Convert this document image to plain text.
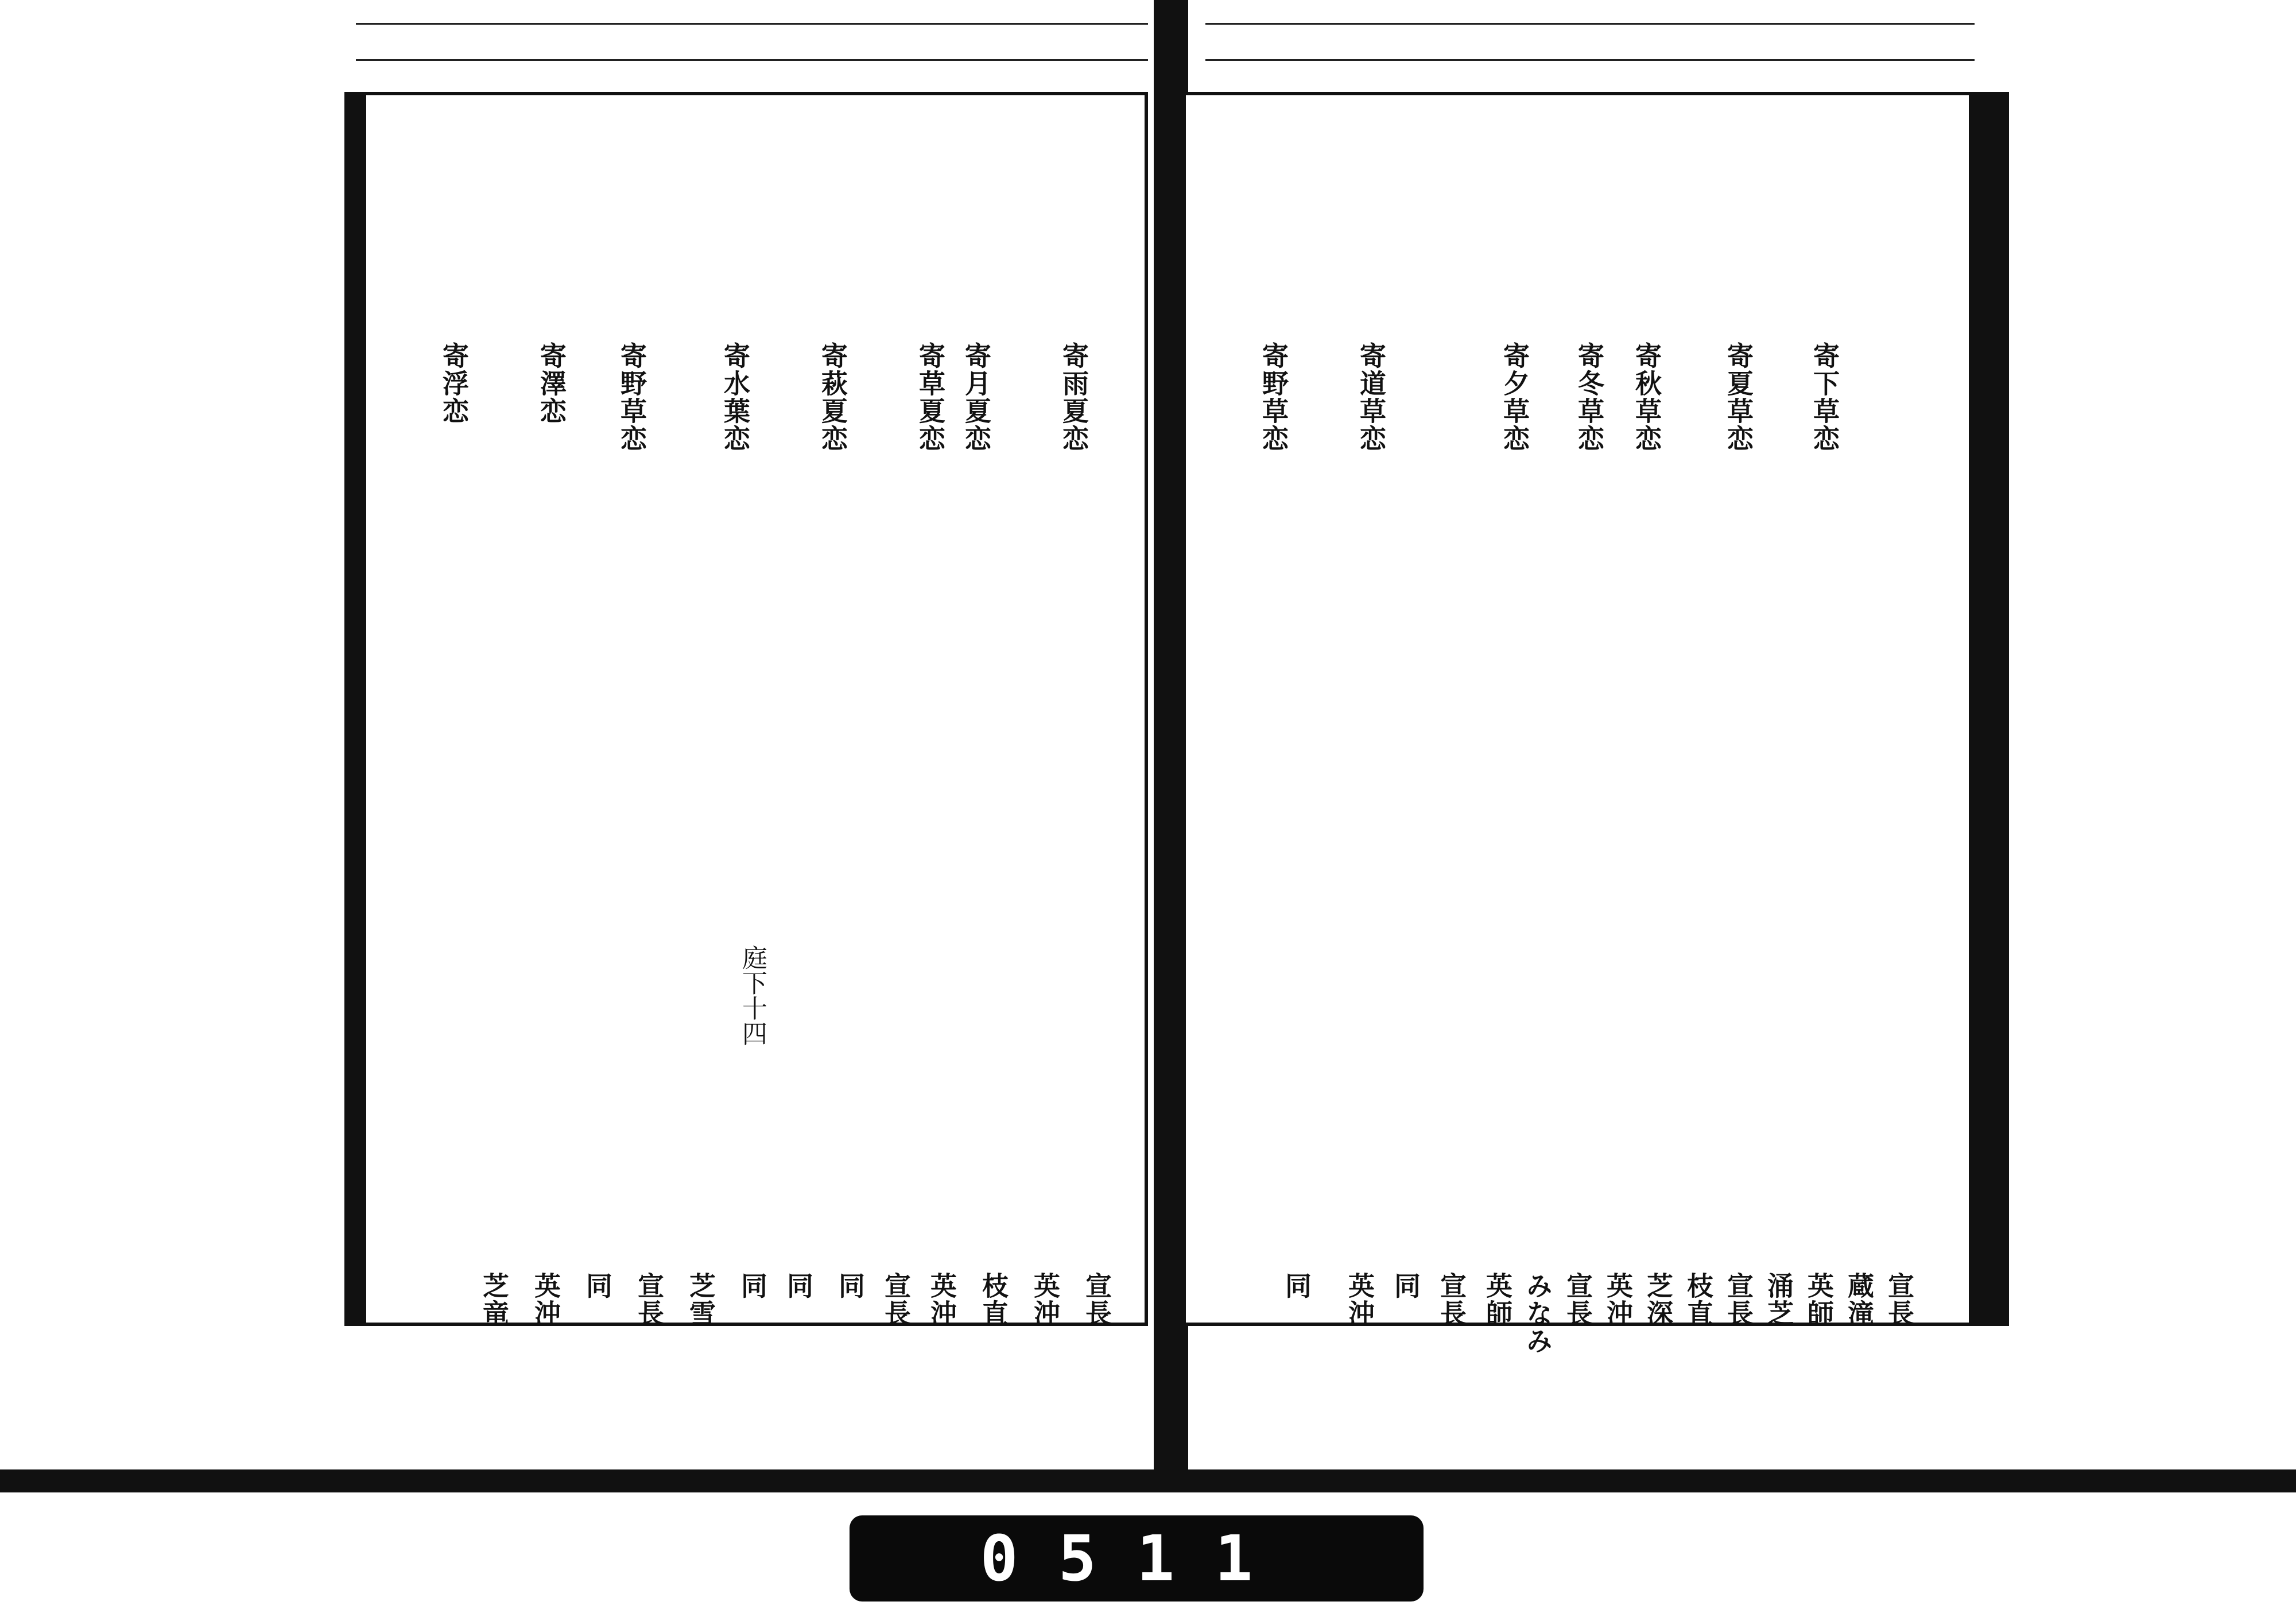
寄雨夏恋
寄月夏恋
寄草夏恋
寄萩夏恋
寄水葉恋
寄野草恋
寄澤恋
寄浮恋
宣長
英沖
枝直
英沖
宣長
同
同
同
芝雪
宣長
同
英沖
芝竜
庭下十四
寄下草恋
寄夏草恋
寄秋草恋
寄冬草恋
寄夕草恋
寄道草恋
寄野草恋
宣長
蔵滝
英師
涌芝
宣長
枝直
芝深
英沖
宣長
みなみ
英師
宣長
同
英沖
同
0511
